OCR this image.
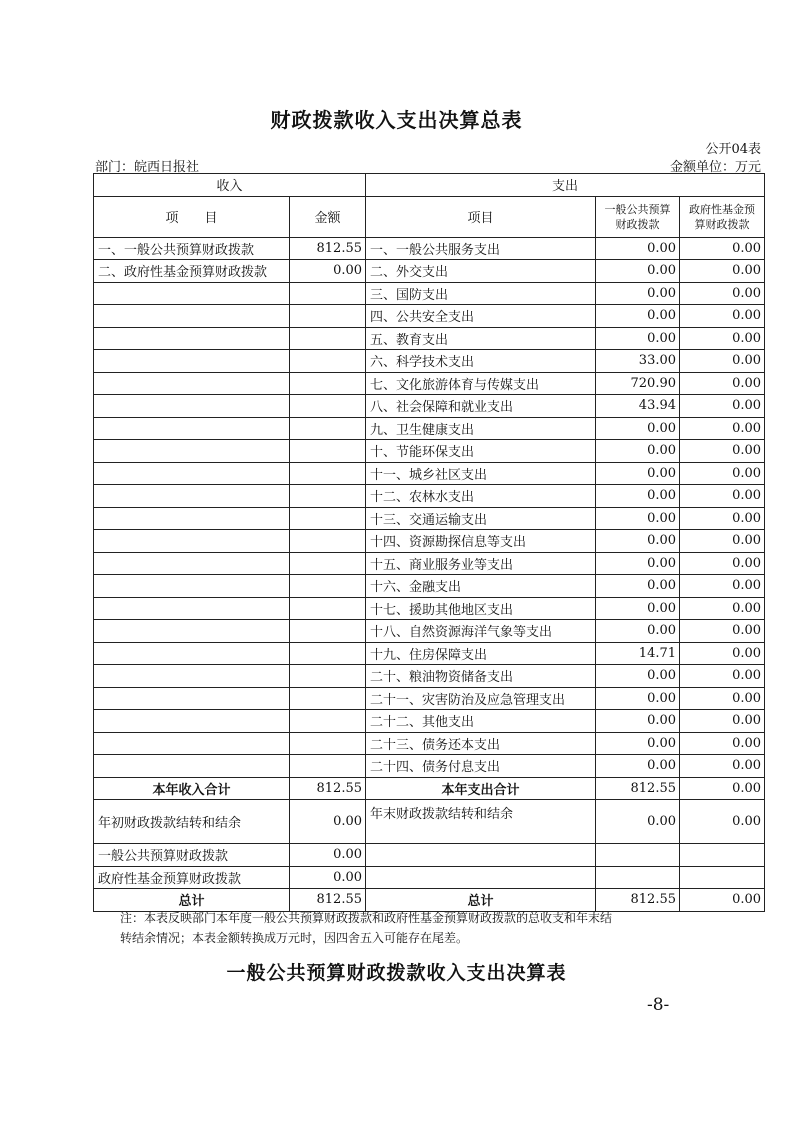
财政拨款收入支出决算总表
公开04表
部门：皖西日报社	金额单位：万元
收入		支出		
项　　目	金额	项目	一般公共预算财政拨款	政府性基金预算财政拨款
一、一般公共预算财政拨款	812.55	一、一般公共服务支出	0.00	0.00
二、政府性基金预算财政拨款	0.00	二、外交支出	0.00	0.00
		三、国防支出	0.00	0.00
		四、公共安全支出	0.00	0.00
		五、教育支出	0.00	0.00
		六、科学技术支出	33.00	0.00
		七、文化旅游体育与传媒支出	720.90	0.00
		八、社会保障和就业支出	43.94	0.00
		九、卫生健康支出	0.00	0.00
		十、节能环保支出	0.00	0.00
		十一、城乡社区支出	0.00	0.00
		十二、农林水支出	0.00	0.00
		十三、交通运输支出	0.00	0.00
		十四、资源勘探信息等支出	0.00	0.00
		十五、商业服务业等支出	0.00	0.00
		十六、金融支出	0.00	0.00
		十七、援助其他地区支出	0.00	0.00
		十八、自然资源海洋气象等支出	0.00	0.00
		十九、住房保障支出	14.71	0.00
		二十、粮油物资储备支出	0.00	0.00
		二十一、灾害防治及应急管理支出	0.00	0.00
		二十二、其他支出	0.00	0.00
		二十三、债务还本支出	0.00	0.00
		二十四、债务付息支出	0.00	0.00
本年收入合计	812.55	本年支出合计	812.55	0.00
年初财政拨款结转和结余	0.00	年末财政拨款结转和结余	0.00	0.00
一般公共预算财政拨款	0.00			
政府性基金预算财政拨款	0.00			
总计	812.55	总计	812.55	0.00
注：本表反映部门本年度一般公共预算财政拨款和政府性基金预算财政拨款的总收支和年末结
转结余情况；本表金额转换成万元时，因四舍五入可能存在尾差。
一般公共预算财政拨款收入支出决算表
-8-
